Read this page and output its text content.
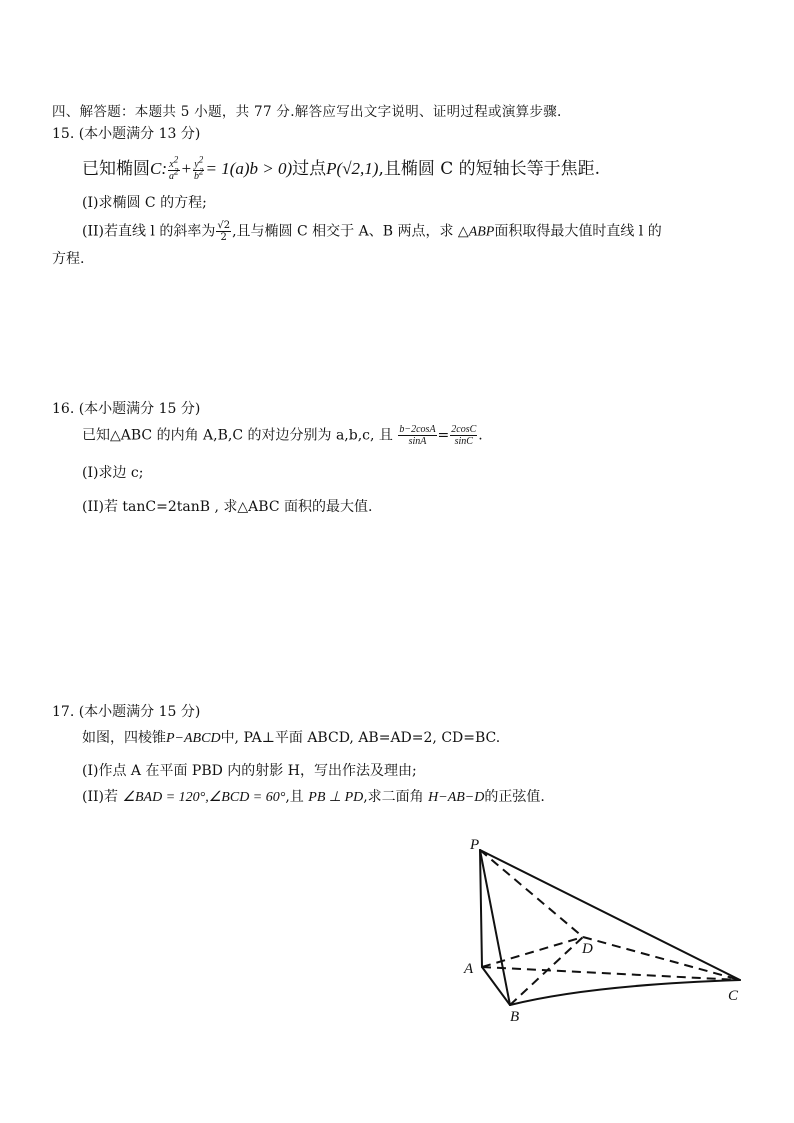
四、解答题：本题共 5 小题，共 77 分.解答应写出文字说明、证明过程或演算步骤.
15. (本小题满分 13 分)
已知椭圆C: $\frac{x^2}{a^2} + \frac{y^2}{b^2} = 1(a)b > 0$)过点P(√2,1),且椭圆 C 的短轴长等于焦距.
(I)求椭圆 C 的方程;
(II)若直线 l 的斜率为 $\frac{√2}{2}$ ,且与椭圆 C 相交于 A、B 两点，求 △ABP面积取得最大值时直线 l 的
方程.
16. (本小题满分 15 分)
已知△ABC 的内角 A,B,C 的对边分别为 a,b,c, 且 $\frac{b-2\cos A}{\sin A} = \frac{2\cos C}{\sin C}$ .
(I)求边 c;
(II)若 tanC=2tanB , 求△ABC 面积的最大值.
17. (本小题满分 15 分)
如图，四棱锥P−ABCD中, PA⊥平面 ABCD, AB=AD=2, CD=BC.
(I)作点 A 在平面 PBD 内的射影 H，写出作法及理由;
(II)若 ∠BAD = 120°,∠BCD = 60°,且 PB ⊥ PD,求二面角 H−AB−D的正弦值.
P
A
B
C
D
